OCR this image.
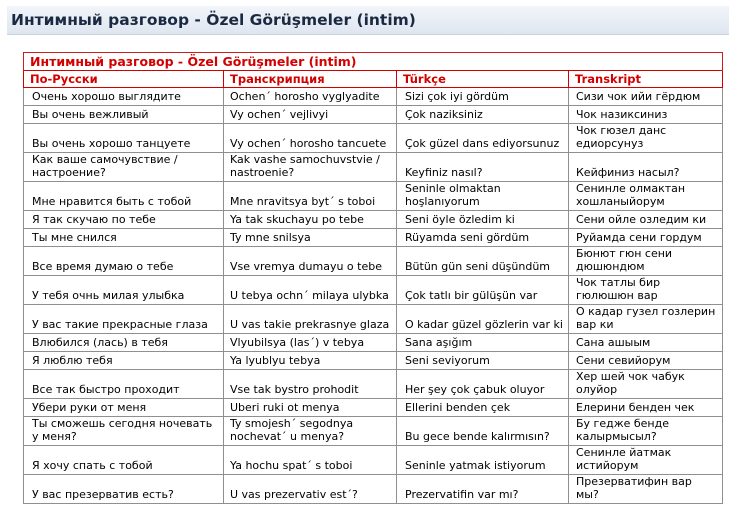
Интимный разговор - Özel Görüşmeler (intim)
Интимный разговор - Özel Görüşmeler (intim)			
По-Русски	Транскрипция	Türkçe	Transkript
Очень хорошо выглядите	Ochen´ horosho vyglyadite	Sizi çok iyi gördüm	Сизи чок ийи гёрдюм
Вы очень вежливый	Vy ochen´ vejlivyi	Çok naziksiniz	Чок назиксиниз
Вы очень хорошо танцуете	Vy ochen´ horosho tancuete	Çok güzel dans ediyorsunuz	Чок гюзел данс едиорсунуз
Как ваше самочувствие / настроение?	Kak vashe samochuvstvie / nastroenie?	Keyfiniz nasıl?	Кейфиниз насыл?
Мне нравится быть с тобой	Mne nravitsya byt´ s toboi	Seninle olmaktan hoşlanıyorum	Сенинле олмактан хошланыйорум
Я так скучаю по тебе	Ya tak skuchayu po tebe	Seni öyle özledim ki	Сени ойле озледим ки
Ты мне снился	Ty mne snilsya	Rüyamda seni gördüm	Руйамда сени гордум
Все время думаю о тебе	Vse vremya dumayu o tebe	Bütün gün seni düşündüm	Бюнют гюн сени дюшюндюм
У тебя очнь милая улыбка	U tebya ochn´ milaya ulybka	Çok tatlı bir gülüşün var	Чок татлы бир гюлюшюн вар
У вас такие прекрасные глаза	U vas takie prekrasnye glaza	O kadar güzel gözlerin var ki	О кадар гузел гозлерин вар ки
Влюбился (лась) в тебя	Vlyubilsya (las´) v tebya	Sana aşığım	Сана ашыым
Я люблю тебя	Ya lyublyu tebya	Seni seviyorum	Сени севийорум
Все так быстро проходит	Vse tak bystro prohodit	Her şey çok çabuk oluyor	Хер шей чок чабук олуйор
Убери руки от меня	Uberi ruki ot menya	Ellerini benden çek	Елерини бенден чек
Ты сможешь сегодня ночевать у меня?	Ty smojesh´ segodnya nochevat´ u menya?	Bu gece bende kalırmısın?	Бу гедже бенде калырмысыл?
Я хочу спать с тобой	Ya hochu spat´ s toboi	Seninle yatmak istiyorum	Сенинле йатмак истийорум
У вас презерватив есть?	U vas prezervativ est´?	Prezervatifin var mı?	Презерватифин вар мы?
